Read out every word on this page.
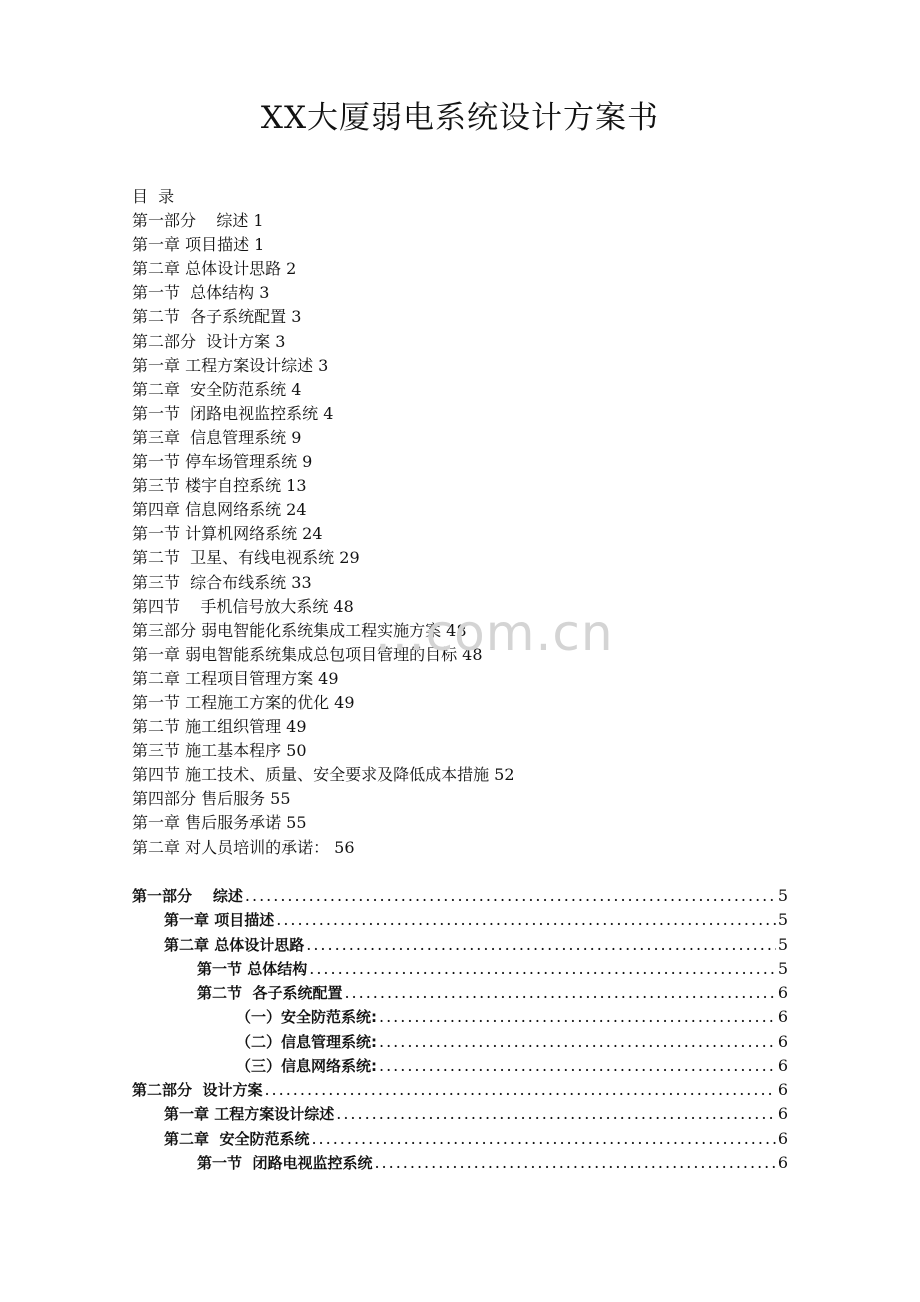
XX大厦弱电系统设计方案书
目  录
第一部分    综述 1
第一章 项目描述 1
第二章 总体设计思路 2
第一节  总体结构 3
第二节  各子系统配置 3
第二部分  设计方案 3
第一章 工程方案设计综述 3
第二章  安全防范系统 4
第一节  闭路电视监控系统 4
第三章  信息管理系统 9
第一节 停车场管理系统 9
第三节 楼宇自控系统 13
第四章 信息网络系统 24
第一节 计算机网络系统 24
第二节  卫星、有线电视系统 29
第三节  综合布线系统 33
第四节    手机信号放大系统 48
第三部分 弱电智能化系统集成工程实施方案 48
第一章 弱电智能系统集成总包项目管理的目标 48
第二章 工程项目管理方案 49
第一节 工程施工方案的优化 49
第二节 施工组织管理 49
第三节 施工基本程序 50
第四节 施工技术、质量、安全要求及降低成本措施 52
第四部分 售后服务 55
第一章 售后服务承诺 55
第二章 对人员培训的承诺： 56
...com.cn
第一部分    综述 .....	5
第一章 项目描述 .....	5
第二章 总体设计思路 .....	5
第一节 总体结构 .....	5
第二节  各子系统配置 .....	6
（一）安全防范系统: .....	6
（二）信息管理系统: .....	6
（三）信息网络系统: .....	6
第二部分  设计方案 .....	6
第一章 工程方案设计综述 .....	6
第二章  安全防范系统 .....	6
第一节  闭路电视监控系统 .....	6
